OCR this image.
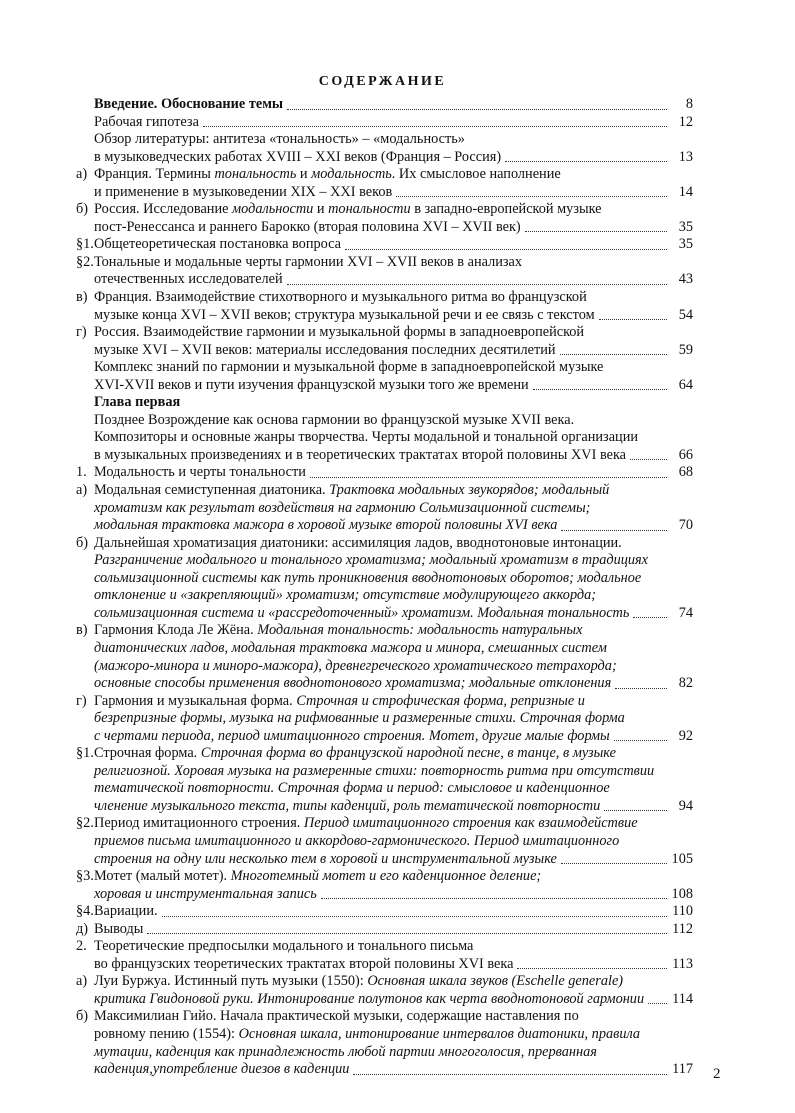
СОДЕРЖАНИЕ
Введение. Обоснование темы	8
Рабочая гипотеза	12
Обзор литературы: антитеза «тональность» – «модальность»
в музыковедческих работах XVIII – XXI веков (Франция – Россия)	13
а) Франция. Термины тональность и модальность. Их смысловое наполнение
и применение в музыковедении XIX – XXI веков	14
б) Россия. Исследование модальности и тональности в западно-европейской музыке
пост-Ренессанса и раннего Барокко (вторая половина XVI – XVII век)	35
§1. Общетеоретическая постановка вопроса	35
§2. Тональные и модальные черты гармонии XVI – XVII веков в анализах
отечественных исследователей	43
в) Франция. Взаимодействие стихотворного и музыкального ритма во французской
музыке конца XVI – XVII веков; структура музыкальной речи и ее связь с текстом	54
г) Россия. Взаимодействие гармонии и музыкальной формы в западноевропейской
музыке XVI – XVII веков: материалы исследования последних десятилетий	59
Комплекс знаний по гармонии и музыкальной форме в западноевропейской музыке
XVI-XVII веков и пути изучения французской музыки того же времени	64
Глава первая
Позднее Возрождение как основа гармонии во французской музыке XVII века.
Композиторы и основные жанры творчества. Черты модальной и тональной организации
в музыкальных произведениях и в теоретических трактатах второй половины XVI века	66
1. Модальность и черты тональности	68
а) Модальная семиступенная диатоника. Трактовка модальных звукорядов; модальный
хроматизм как результат воздействия на гармонию Сольмизационной системы;
модальная трактовка мажора в хоровой музыке второй половины XVI века	70
б) Дальнейшая хроматизация диатоники: ассимиляция ладов, вводнотоновые интонации.
Разграничение модального и тонального хроматизма; модальный хроматизм в традициях
сольмизационной системы как путь проникновения вводнотоновых оборотов; модальное
отклонение и «закрепляющий» хроматизм; отсутствие модулирующего аккорда;
сольмизационная система и «рассредоточенный» хроматизм. Модальная тональность	74
в) Гармония Клода Ле Жёна. Модальная тональность: модальность натуральных
диатонических ладов, модальная трактовка мажора и минора, смешанных систем
(мажоро-минора и миноро-мажора), древнегреческого хроматического тетрахорда;
основные способы применения вводнотонового хроматизма; модальные отклонения	82
г) Гармония и музыкальная форма. Строчная и строфическая форма, репризные и
безрепризные формы, музыка на рифмованные и размеренные стихи. Строчная форма
с чертами периода, период имитационного строения. Мотет, другие малые формы	92
§1. Строчная форма. Строчная форма во французской народной песне, в танце, в музыке
религиозной. Хоровая музыка на размеренные стихи: повторность ритма при отсутствии
тематической повторности. Строчная форма и период: смысловое и каденционное
членение музыкального текста, типы каденций, роль тематической повторности	94
§2. Период имитационного строения. Период имитационного строения как взаимодействие
приемов письма имитационного и аккордово-гармонического. Период имитационного
строения на одну или несколько тем в хоровой и инструментальной музыке	105
§3. Мотет (малый мотет). Многотемный мотет и его каденционное деление;
хоровая и инструментальная запись	108
§4. Вариации.	110
д) Выводы	112
2. Теоретические предпосылки модального и тонального письма
во французских теоретических трактатах второй половины XVI века	113
а) Луи Буржуа. Истинный путь музыки (1550): Основная шкала звуков (Eschelle generale)
критика Гвидоновой руки. Интонирование полутонов как черта вводнотоновой гармонии 114
б) Максимилиан Гийо. Начала практической музыки, содержащие наставления по
ровному пению (1554): Основная шкала, интонирование интервалов диатоники, правила
мутации, каденция как принадлежность любой партии многоголосия, прерванная
каденция,употребление диезов в каденции	117 2
